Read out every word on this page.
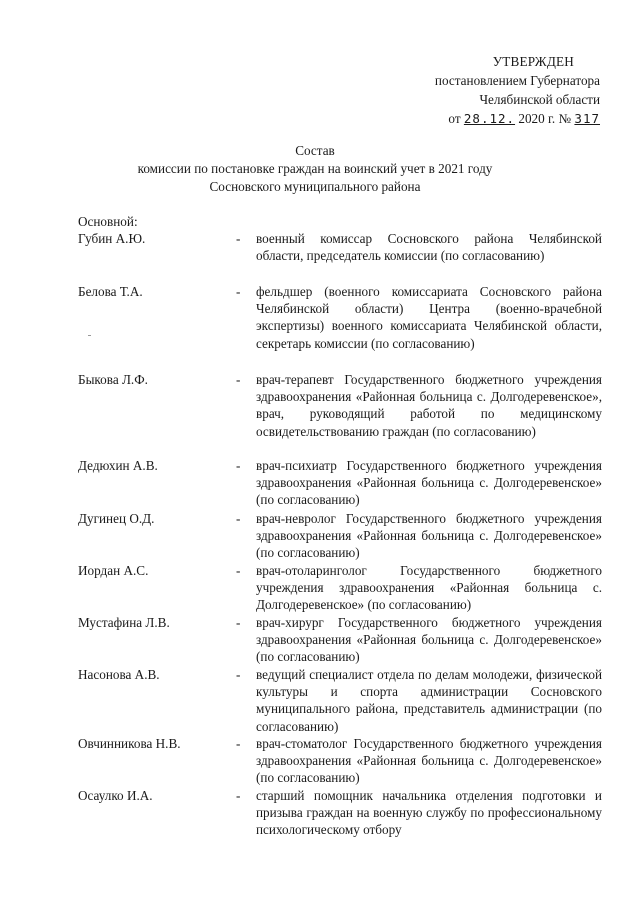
УТВЕРЖДЕН
постановлением Губернатора
Челябинской области
от 28.12. 2020 г. № 317
Состав
комиссии по постановке граждан на воинский учет в 2021 году
Сосновского муниципального района
Основной:
Губин А.Ю.	- военный комиссар Сосновского района Челябинской области, председатель комиссии (по согласованию)
Белова Т.А.	- фельдшер (военного комиссариата Сосновского района Челябинской области) Центра (военно-врачебной экспертизы) военного комиссариата Челябинской области, секретарь комиссии (по согласованию)
Быкова Л.Ф.	- врач-терапевт Государственного бюджетного учреждения здравоохранения «Районная больница с. Долгодеревенское», врач, руководящий работой по медицинскому освидетельствованию граждан (по согласованию)
Дедюхин А.В.	- врач-психиатр Государственного бюджетного учреждения здравоохранения «Районная больница с. Долгодеревенское» (по согласованию)
Дугинец О.Д.	- врач-невролог Государственного бюджетного учреждения здравоохранения «Районная больница с. Долгодеревенское» (по согласованию)
Иордан А.С.	- врач-отоларинголог Государственного бюджетного учреждения здравоохранения «Районная больница с. Долгодеревенское» (по согласованию)
Мустафина Л.В.	- врач-хирург Государственного бюджетного учреждения здравоохранения «Районная больница с. Долгодеревенское» (по согласованию)
Насонова А.В.	- ведущий специалист отдела по делам молодежи, физической культуры и спорта администрации Сосновского муниципального района, представитель администрации (по согласованию)
Овчинникова Н.В.	- врач-стоматолог Государственного бюджетного учреждения здравоохранения «Районная больница с. Долгодеревенское» (по согласованию)
Осаулко И.А.	- старший помощник начальника отделения подготовки и призыва граждан на военную службу по профессиональному психологическому отбору
